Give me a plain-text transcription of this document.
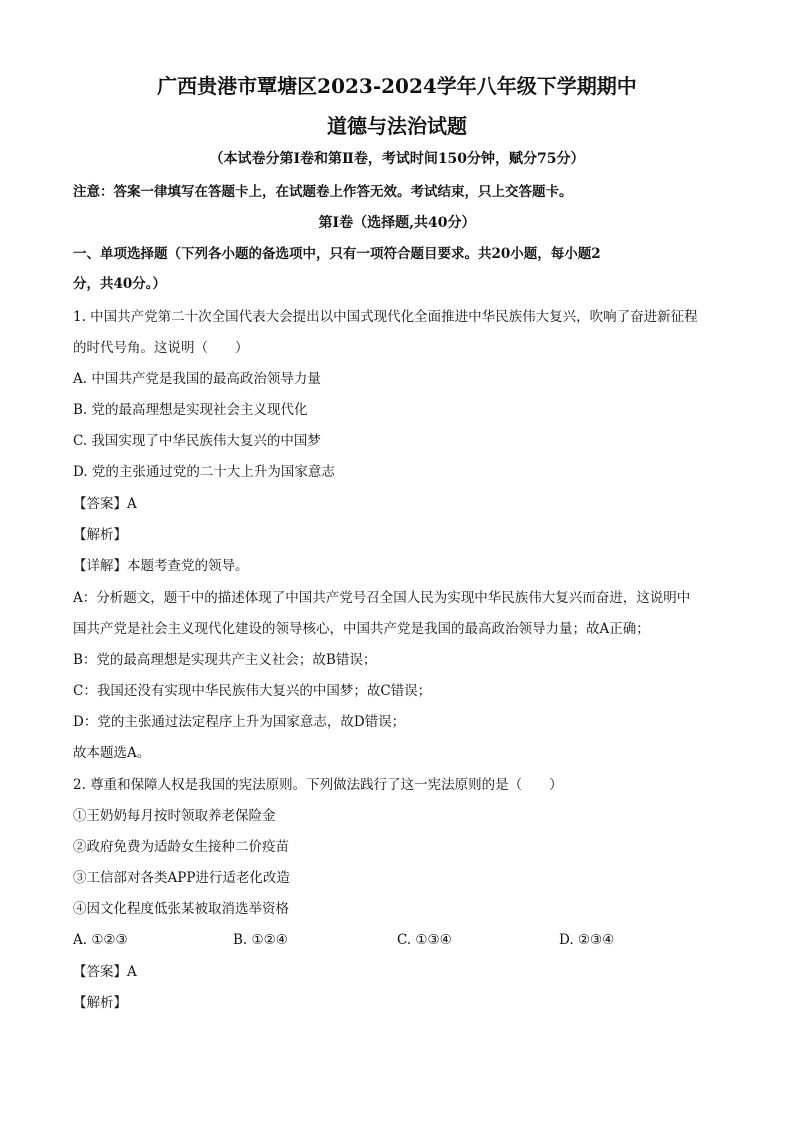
广西贵港市覃塘区2023-2024学年八年级下学期期中
道德与法治试题
（本试卷分第Ⅰ卷和第Ⅱ卷，考试时间150分钟，赋分75分）
注意：答案一律填写在答题卡上，在试题卷上作答无效。考试结束，只上交答题卡。
第Ⅰ卷（选择题,共40分）
一、单项选择题（下列各小题的备选项中，只有一项符合题目要求。共20小题，每小题2
分，共40分。）
1. 中国共产党第二十次全国代表大会提出以中国式现代化全面推进中华民族伟大复兴，吹响了奋进新征程
的时代号角。这说明（　　）
A. 中国共产党是我国的最高政治领导力量
B. 党的最高理想是实现社会主义现代化
C. 我国实现了中华民族伟大复兴的中国梦
D. 党的主张通过党的二十大上升为国家意志
【答案】A
【解析】
【详解】本题考查党的领导。
A：分析题文，题干中的描述体现了中国共产党号召全国人民为实现中华民族伟大复兴而奋进，这说明中
国共产党是社会主义现代化建设的领导核心，中国共产党是我国的最高政治领导力量；故A正确；
B：党的最高理想是实现共产主义社会；故B错误；
C：我国还没有实现中华民族伟大复兴的中国梦；故C错误；
D：党的主张通过法定程序上升为国家意志，故D错误；
故本题选A。
2. 尊重和保障人权是我国的宪法原则。下列做法践行了这一宪法原则的是（　　）
①王奶奶每月按时领取养老保险金
②政府免费为适龄女生接种二价疫苗
③工信部对各类APP进行适老化改造
④因文化程度低张某被取消选举资格
A. ①②③	B. ①②④	C. ①③④	D. ②③④
【答案】A
【解析】
